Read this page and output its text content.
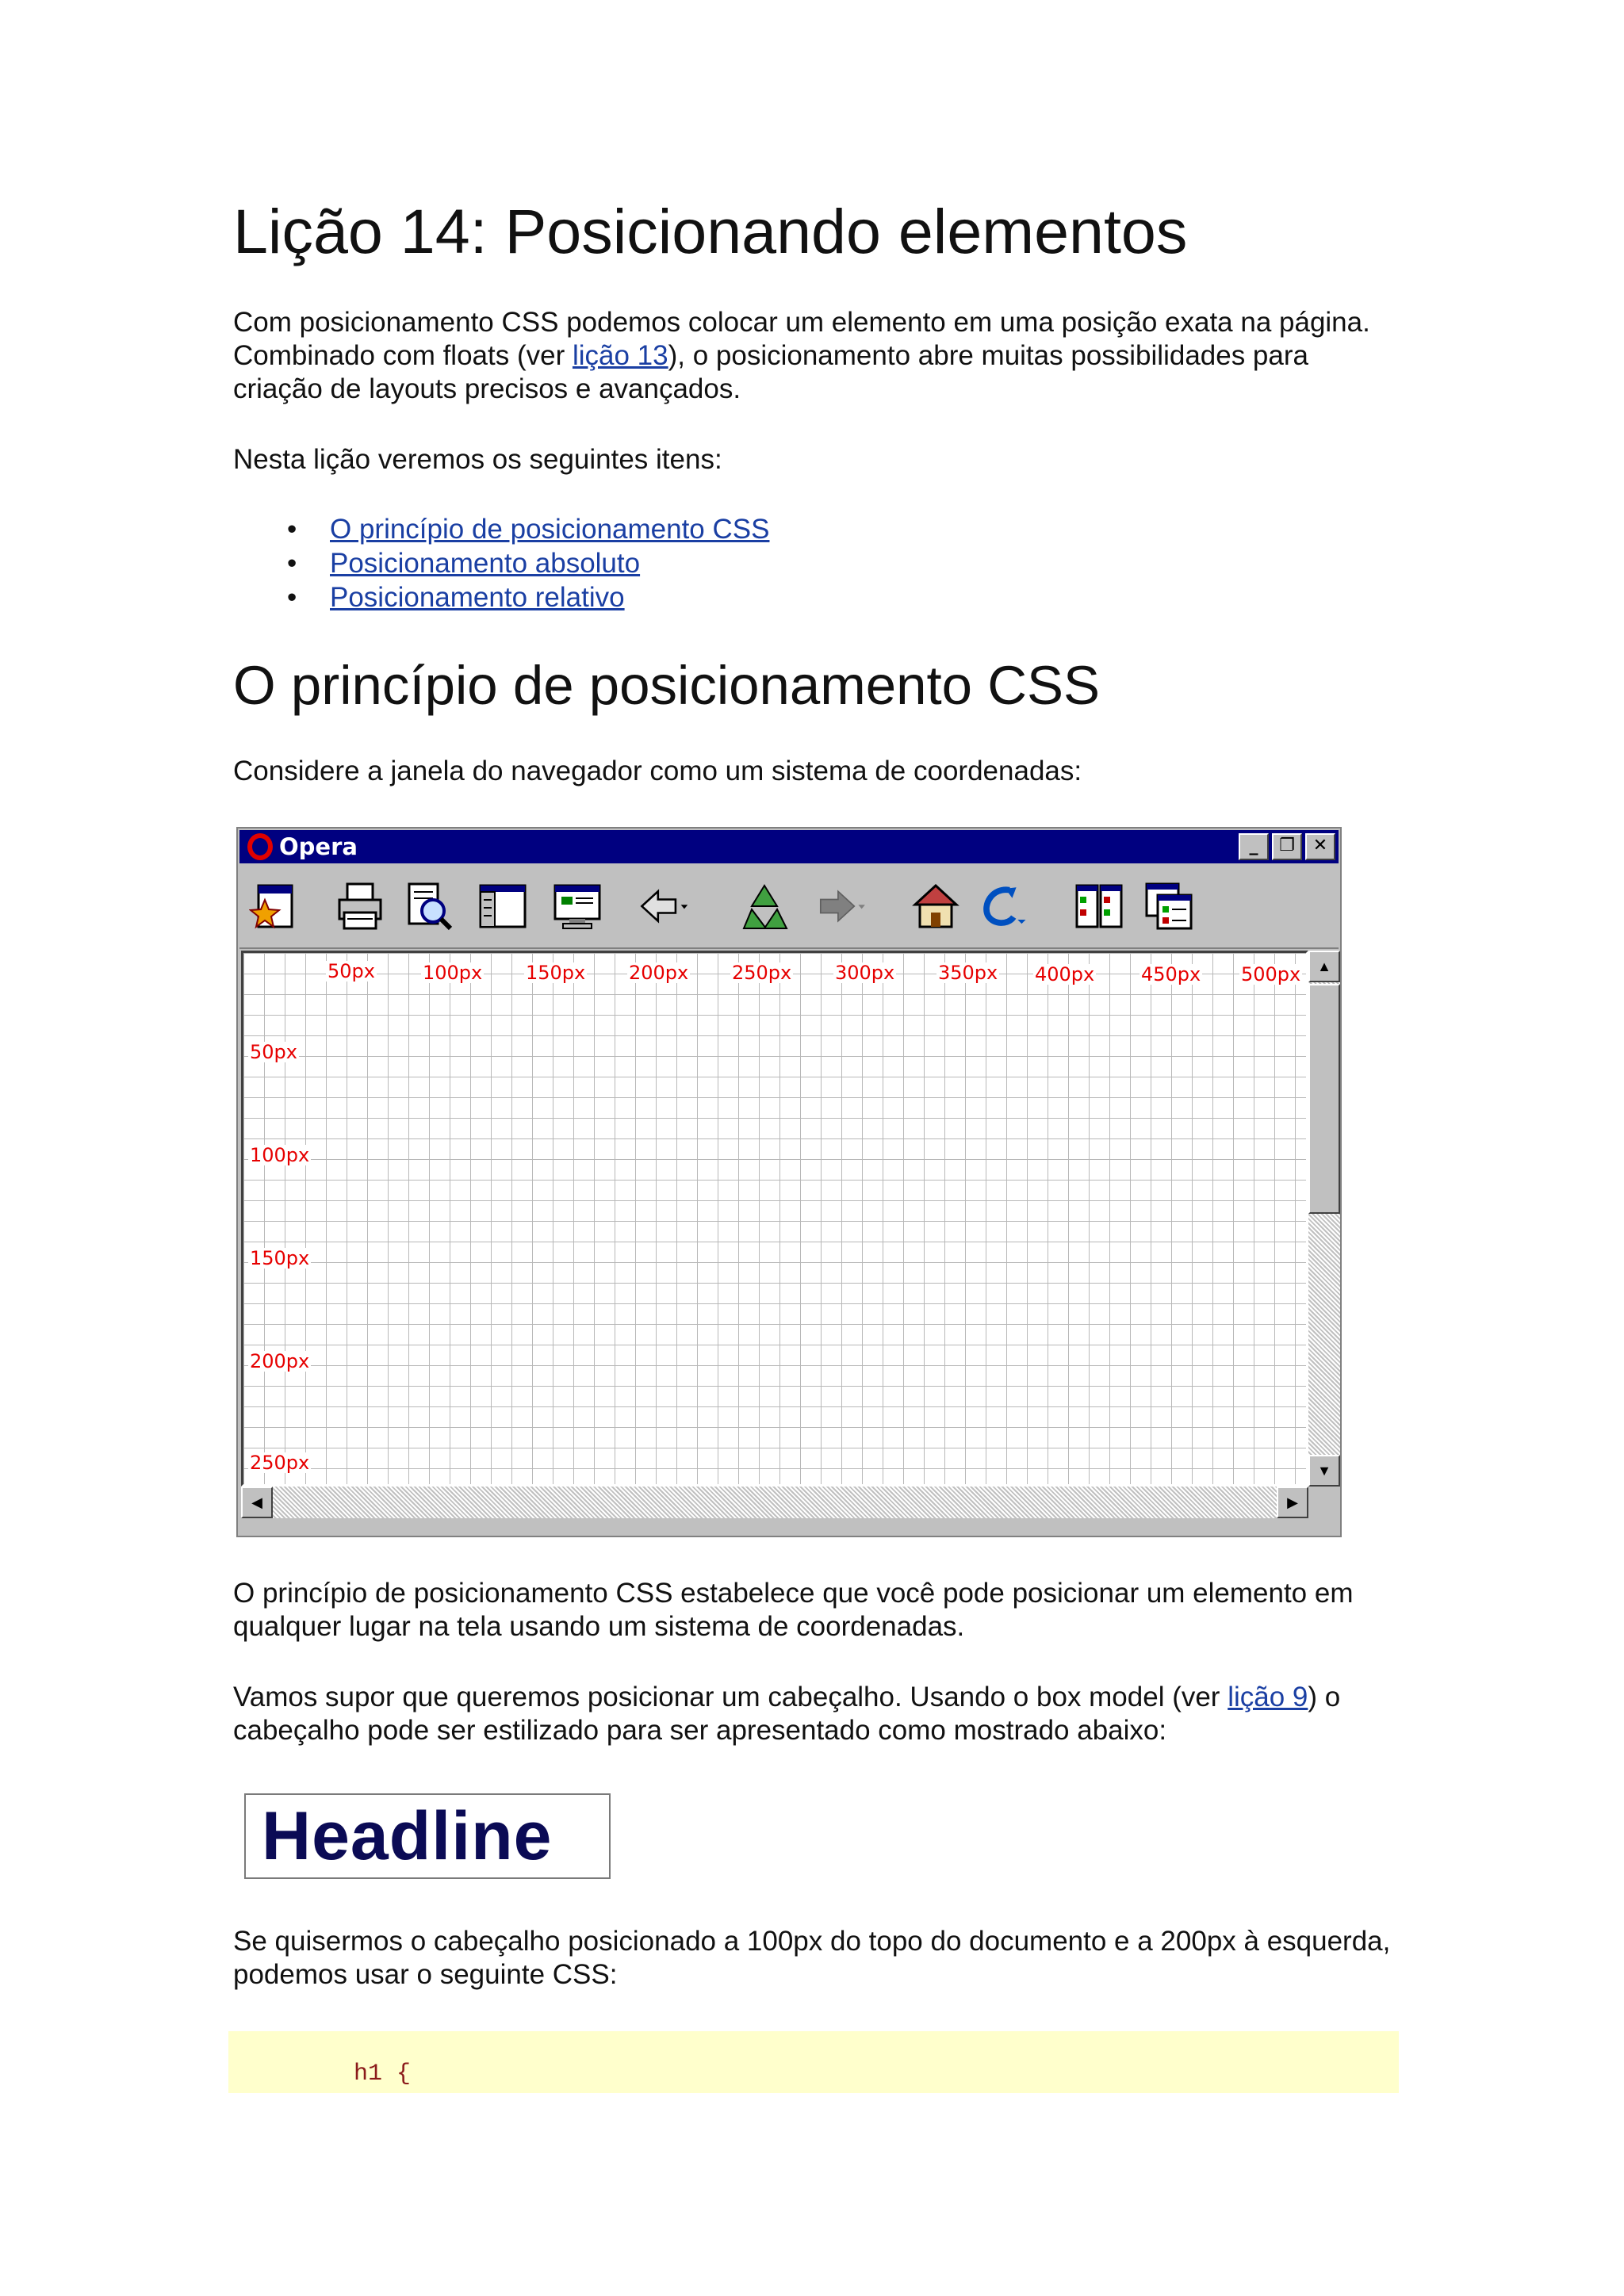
Lição 14: Posicionando elementos

Com posicionamento CSS podemos colocar um elemento em uma posição exata na página. Combinado com floats (ver lição 13), o posicionamento abre muitas possibilidades para criação de layouts precisos e avançados.

Nesta lição veremos os seguintes itens:

• O princípio de posicionamento CSS
• Posicionamento absoluto
• Posicionamento relativo
O princípio de posicionamento CSS

Considere a janela do navegador como um sistema de coordenadas:

Opera	_	❐	✕
50px	100px 150px 200px 250px 300px 350px 400px 450px 500px
50px
100px
150px
200px
250px
▲
▼
◀	▶

O princípio de posicionamento CSS estabelece que você pode posicionar um elemento em qualquer lugar na tela usando um sistema de coordenadas.

Vamos supor que queremos posicionar um cabeçalho. Usando o box model (ver lição 9) o cabeçalho pode ser estilizado para ser apresentado como mostrado abaixo:

Headline

Se quisermos o cabeçalho posicionado a 100px do topo do documento e a 200px à esquerda, podemos usar o seguinte CSS:

h1 {
